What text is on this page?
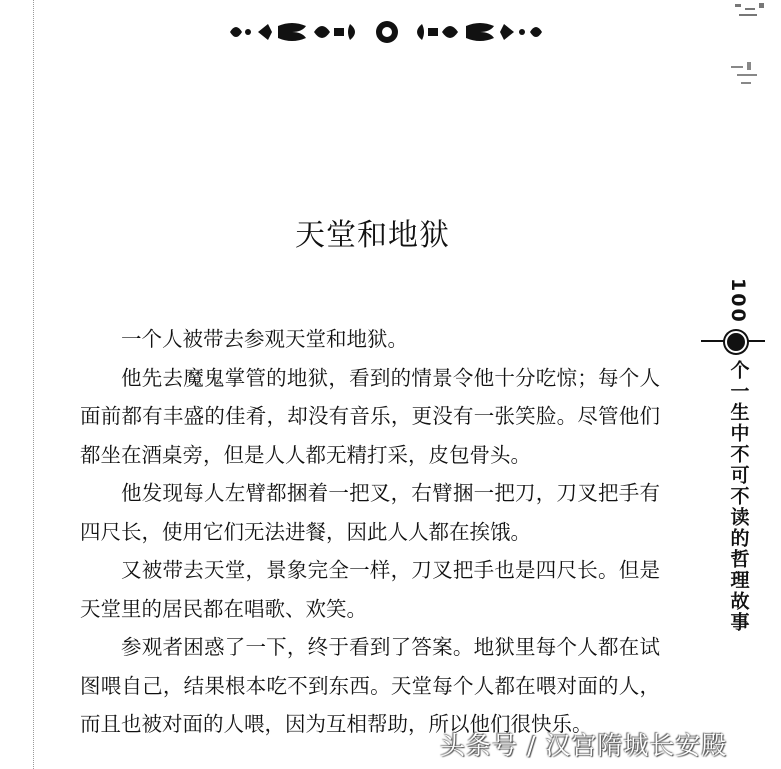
天堂和地狱

一个人被带去参观天堂和地狱。

他先去魔鬼掌管的地狱，看到的情景令他十分吃惊；每个人面前都有丰盛的佳肴，却没有音乐，更没有一张笑脸。尽管他们都坐在酒桌旁，但是人人都无精打采，皮包骨头。

他发现每人左臂都捆着一把叉，右臂捆一把刀，刀叉把手有四尺长，使用它们无法进餐，因此人人都在挨饿。

又被带去天堂，景象完全一样，刀叉把手也是四尺长。但是天堂里的居民都在唱歌、欢笑。

参观者困惑了一下，终于看到了答案。地狱里每个人都在试图喂自己，结果根本吃不到东西。天堂每个人都在喂对面的人，而且也被对面的人喂，因为互相帮助，所以他们很快乐。

100
个一生中不可不读的哲理故事
头条号 / 汉宫隋城长安殿
